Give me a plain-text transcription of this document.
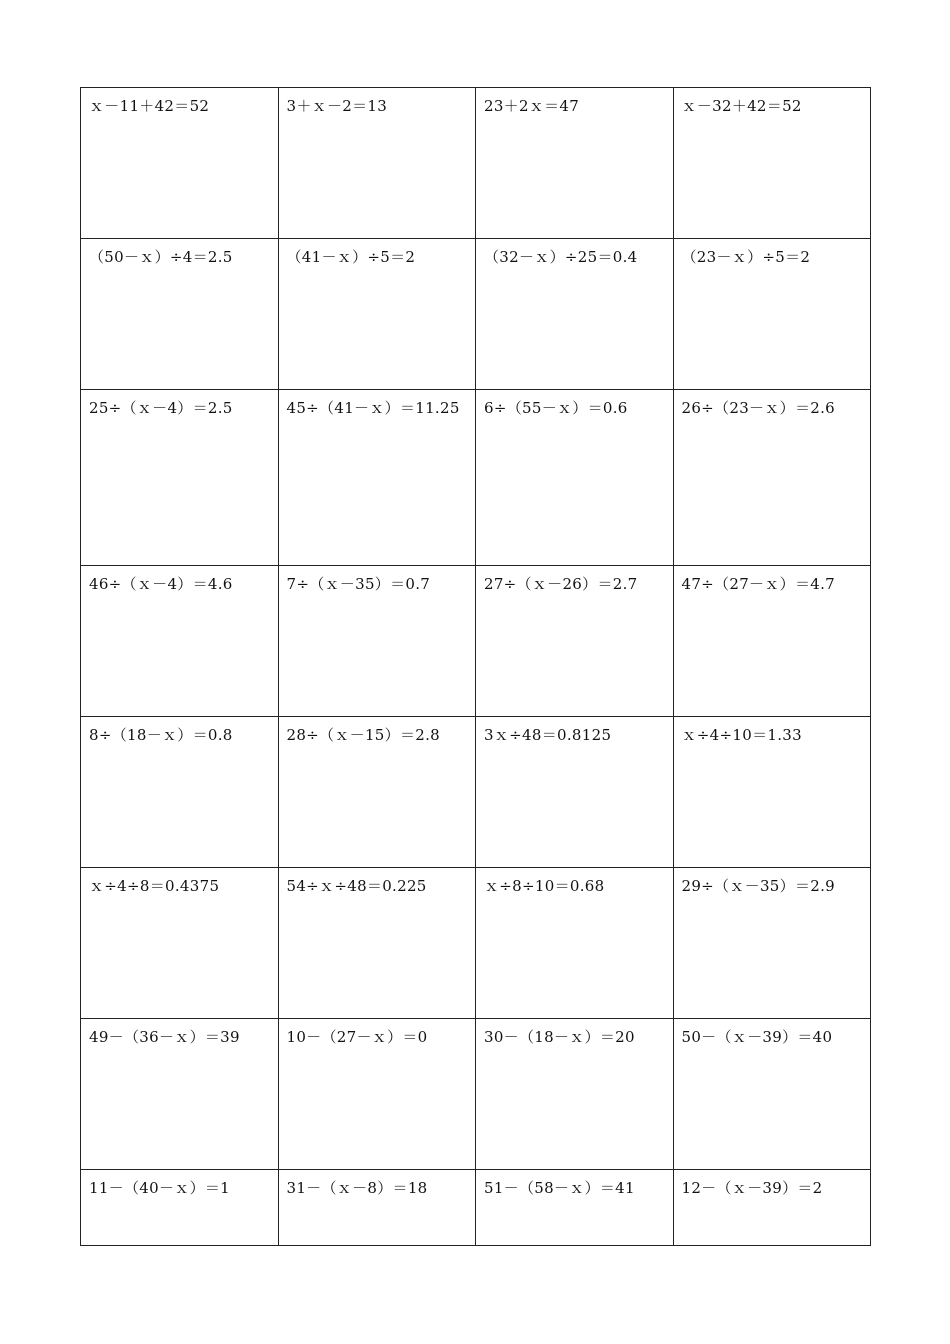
ｘ－11＋42＝52	3＋ｘ－2＝13	23＋2ｘ＝47	ｘ－32＋42＝52
（50－ｘ）÷4＝2.5	（41－ｘ）÷5＝2	（32－ｘ）÷25＝0.4	（23－ｘ）÷5＝2
25÷（ｘ－4）＝2.5	45÷（41－ｘ）＝11.25	6÷（55－ｘ）＝0.6	26÷（23－ｘ）＝2.6
46÷（ｘ－4）＝4.6	7÷（ｘ－35）＝0.7	27÷（ｘ－26）＝2.7	47÷（27－ｘ）＝4.7
8÷（18－ｘ）＝0.8	28÷（ｘ－15）＝2.8	3ｘ÷48＝0.8125	ｘ÷4÷10＝1.33
ｘ÷4÷8＝0.4375	54÷ｘ÷48＝0.225	ｘ÷8÷10＝0.68	29÷（ｘ－35）＝2.9
49－（36－ｘ）＝39	10－（27－ｘ）＝0	30－（18－ｘ）＝20	50－（ｘ－39）＝40
11－（40－ｘ）＝1	31－（ｘ－8）＝18	51－（58－ｘ）＝41	12－（ｘ－39）＝2
